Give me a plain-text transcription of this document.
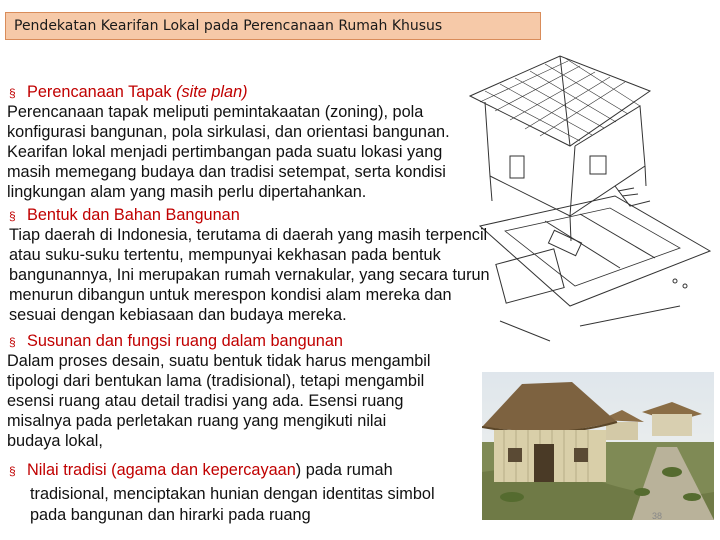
Pendekatan Kearifan Lokal pada Perencanaan Rumah Khusus
§ Perencanaan Tapak (site plan)
Perencanaan tapak meliputi pemintakaatan (zoning), pola
konfigurasi bangunan, pola sirkulasi, dan orientasi bangunan.
Kearifan lokal menjadi pertimbangan pada suatu lokasi yang
masih memegang budaya dan tradisi setempat, serta kondisi
lingkungan alam yang masih perlu dipertahankan.
§ Bentuk dan Bahan Bangunan
Tiap daerah di Indonesia, terutama di daerah yang masih terpencil
atau suku-suku tertentu, mempunyai kekhasan pada bentuk
bangunannya, Ini merupakan rumah vernakular, yang secara turun
menurun dibangun untuk merespon kondisi alam mereka dan
sesuai dengan kebiasaan dan budaya mereka.
§ Susunan dan fungsi ruang dalam bangunan
Dalam proses desain, suatu bentuk tidak harus mengambil
tipologi dari bentukan lama (tradisional), tetapi mengambil
esensi ruang atau detail tradisi yang ada. Esensi ruang
misalnya pada perletakan ruang yang mengikuti nilai
budaya lokal,
§ Nilai tradisi (agama dan kepercayaan) pada rumah
tradisional, menciptakan hunian dengan identitas simbol
pada bangunan dan hirarki pada ruang	38
